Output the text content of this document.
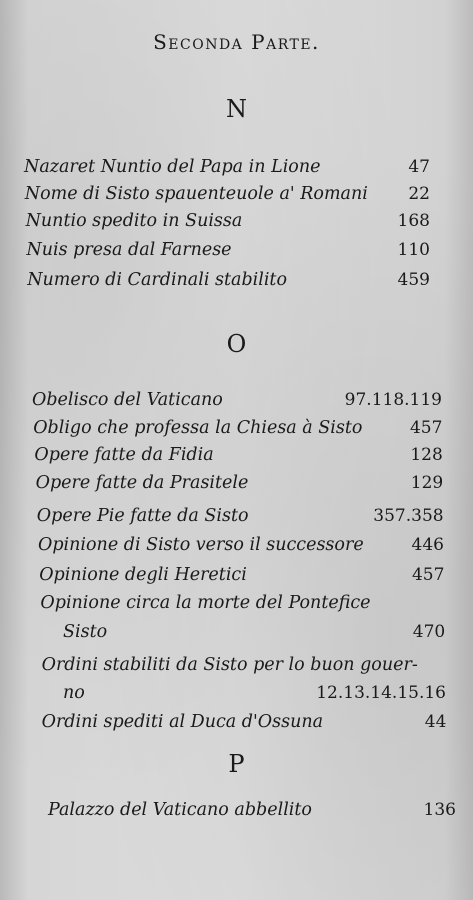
Seconda Parte.
N
Nazaret Nuntio del Papa in Lione	47
Nome di Sisto spauenteuole a' Romani 22
Nuntio spedito in Suissa	168
Nuis presa dal Farnese	110
Numero di Cardinali stabilito	459
O
Obelisco del Vaticano	97.118.119
Obligo che professa la Chiesa à Sisto	457
Opere fatte da Fidia	128
Opere fatte da Prasitele	129
Opere Pie fatte da Sisto	357.358
Opinione di Sisto verso il successore	446
Opinione degli Heretici	457
Opinione circa la morte del Pontefice
Sisto	470
Ordini stabiliti da Sisto per lo buon gouer-
no	12.13.14.15.16
Ordini spediti al Duca d'Ossuna	44
P
Palazzo del Vaticano abbellito	136
